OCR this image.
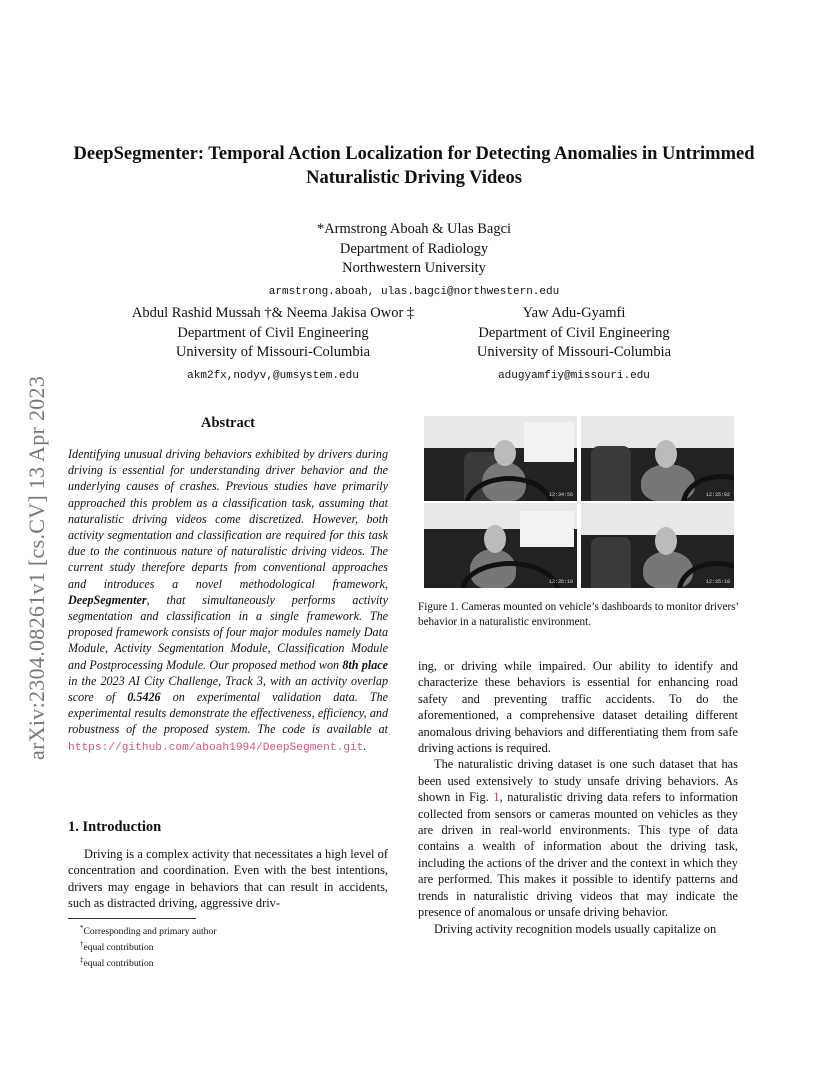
arXiv:2304.08261v1 [cs.CV] 13 Apr 2023
DeepSegmenter: Temporal Action Localization for Detecting Anomalies in Untrimmed Naturalistic Driving Videos
*Armstrong Aboah & Ulas Bagci
Department of Radiology
Northwestern University
armstrong.aboah, ulas.bagci@northwestern.edu
Abdul Rashid Mussah †& Neema Jakisa Owor ‡
Department of Civil Engineering
University of Missouri-Columbia
akm2fx,nodyv,@umsystem.edu
Yaw Adu-Gyamfi
Department of Civil Engineering
University of Missouri-Columbia
adugyamfiy@missouri.edu
Abstract
Identifying unusual driving behaviors exhibited by drivers during driving is essential for understanding driver behavior and the underlying causes of crashes. Previous studies have primarily approached this problem as a classification task, assuming that naturalistic driving videos come discretized. However, both activity segmentation and classification are required for this task due to the continuous nature of naturalistic driving videos. The current study therefore departs from conventional approaches and introduces a novel methodological framework, DeepSegmenter, that simultaneously performs activity segmentation and classification in a single framework. The proposed framework consists of four major modules namely Data Module, Activity Segmentation Module, Classification Module and Postprocessing Module. Our proposed method won 8th place in the 2023 AI City Challenge, Track 3, with an activity overlap score of 0.5426 on experimental validation data. The experimental results demonstrate the effectiveness, efficiency, and robustness of the proposed system. The code is available at https://github.com/aboah1994/DeepSegment.git.
1. Introduction
Driving is a complex activity that necessitates a high level of concentration and coordination. Even with the best intentions, drivers may engage in behaviors that can result in accidents, such as distracted driving, aggressive driv-
*Corresponding and primary author
†equal contribution
‡equal contribution
12:34:56	12:35:02
12:35:10	12:35:18
Figure 1. Cameras mounted on vehicle’s dashboards to monitor drivers’ behavior in a naturalistic environment.

ing, or driving while impaired. Our ability to identify and characterize these behaviors is essential for enhancing road safety and preventing traffic accidents. To do the aforementioned, a comprehensive dataset detailing different anomalous driving behaviors and differentiating them from safe driving actions is required.

The naturalistic driving dataset is one such dataset that has been used extensively to study unsafe driving behaviors. As shown in Fig. 1, naturalistic driving data refers to information collected from sensors or cameras mounted on vehicles as they are driven in real-world environments. This type of data contains a wealth of information about the driving task, including the actions of the driver and the context in which they are performed. This makes it possible to identify patterns and trends in naturalistic driving videos that may indicate the presence of anomalous or unsafe driving behavior.

Driving activity recognition models usually capitalize on
